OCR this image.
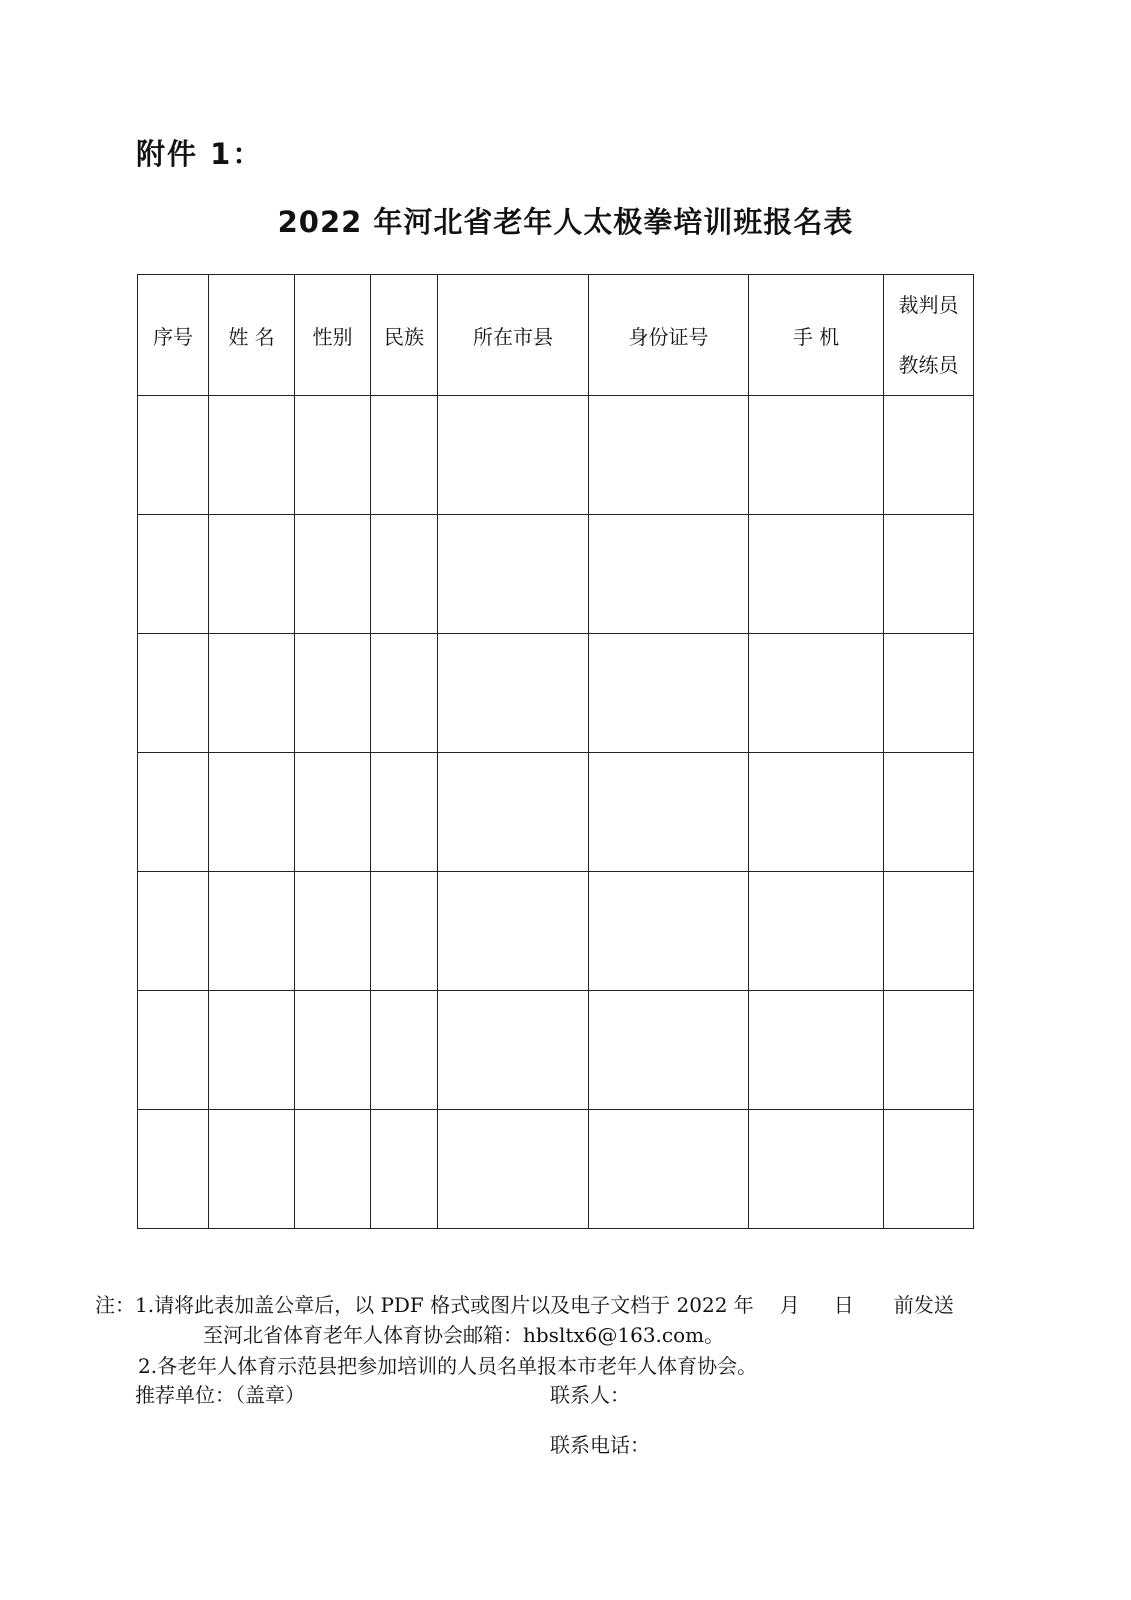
附件 1：
2022 年河北省老年人太极拳培训班报名表
序号	姓 名	性别	民族	所在市县	身份证号	手 机	裁判员
教练员

注：1.请将此表加盖公章后，以 PDF 格式或图片以及电子文档于 2022 年 月 日 前发送
至河北省体育老年人体育协会邮箱：hbsltx6@163.com。
2.各老年人体育示范县把参加培训的人员名单报本市老年人体育协会。
推荐单位：（盖章）	联系人：
联系电话：
